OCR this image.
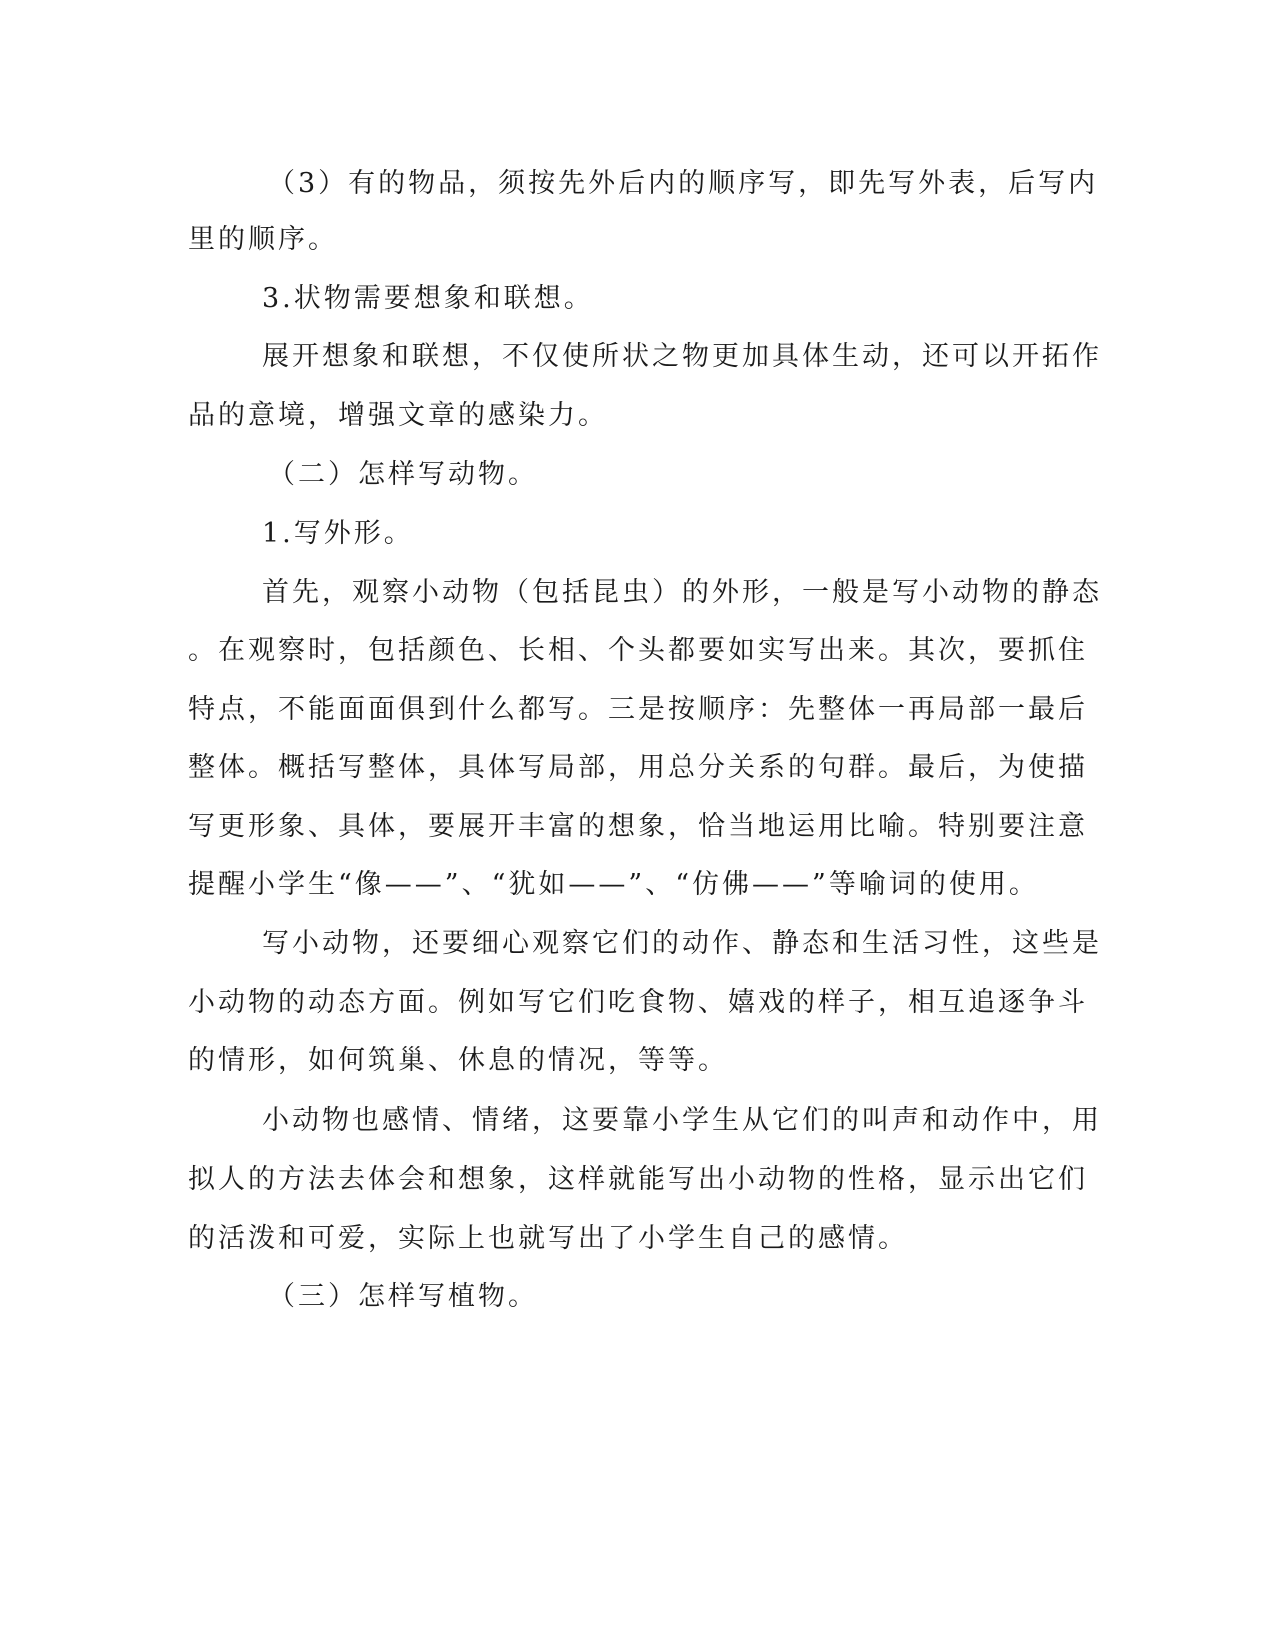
（3）有的物品，须按先外后内的顺序写，即先写外表，后写内
里的顺序。
3.状物需要想象和联想。
展开想象和联想，不仅使所状之物更加具体生动，还可以开拓作
品的意境，增强文章的感染力。
（二）怎样写动物。
1.写外形。
首先，观察小动物（包括昆虫）的外形，一般是写小动物的静态
。在观察时，包括颜色、长相、个头都要如实写出来。其次，要抓住
特点，不能面面俱到什么都写。三是按顺序：先整体一再局部一最后
整体。概括写整体，具体写局部，用总分关系的句群。最后，为使描
写更形象、具体，要展开丰富的想象，恰当地运用比喻。特别要注意
提醒小学生“像——”、“犹如——”、“仿佛——”等喻词的使用。
写小动物，还要细心观察它们的动作、静态和生活习性，这些是
小动物的动态方面。例如写它们吃食物、嬉戏的样子，相互追逐争斗
的情形，如何筑巢、休息的情况，等等。
小动物也感情、情绪，这要靠小学生从它们的叫声和动作中，用
拟人的方法去体会和想象，这样就能写出小动物的性格，显示出它们
的活泼和可爱，实际上也就写出了小学生自己的感情。
（三）怎样写植物。
